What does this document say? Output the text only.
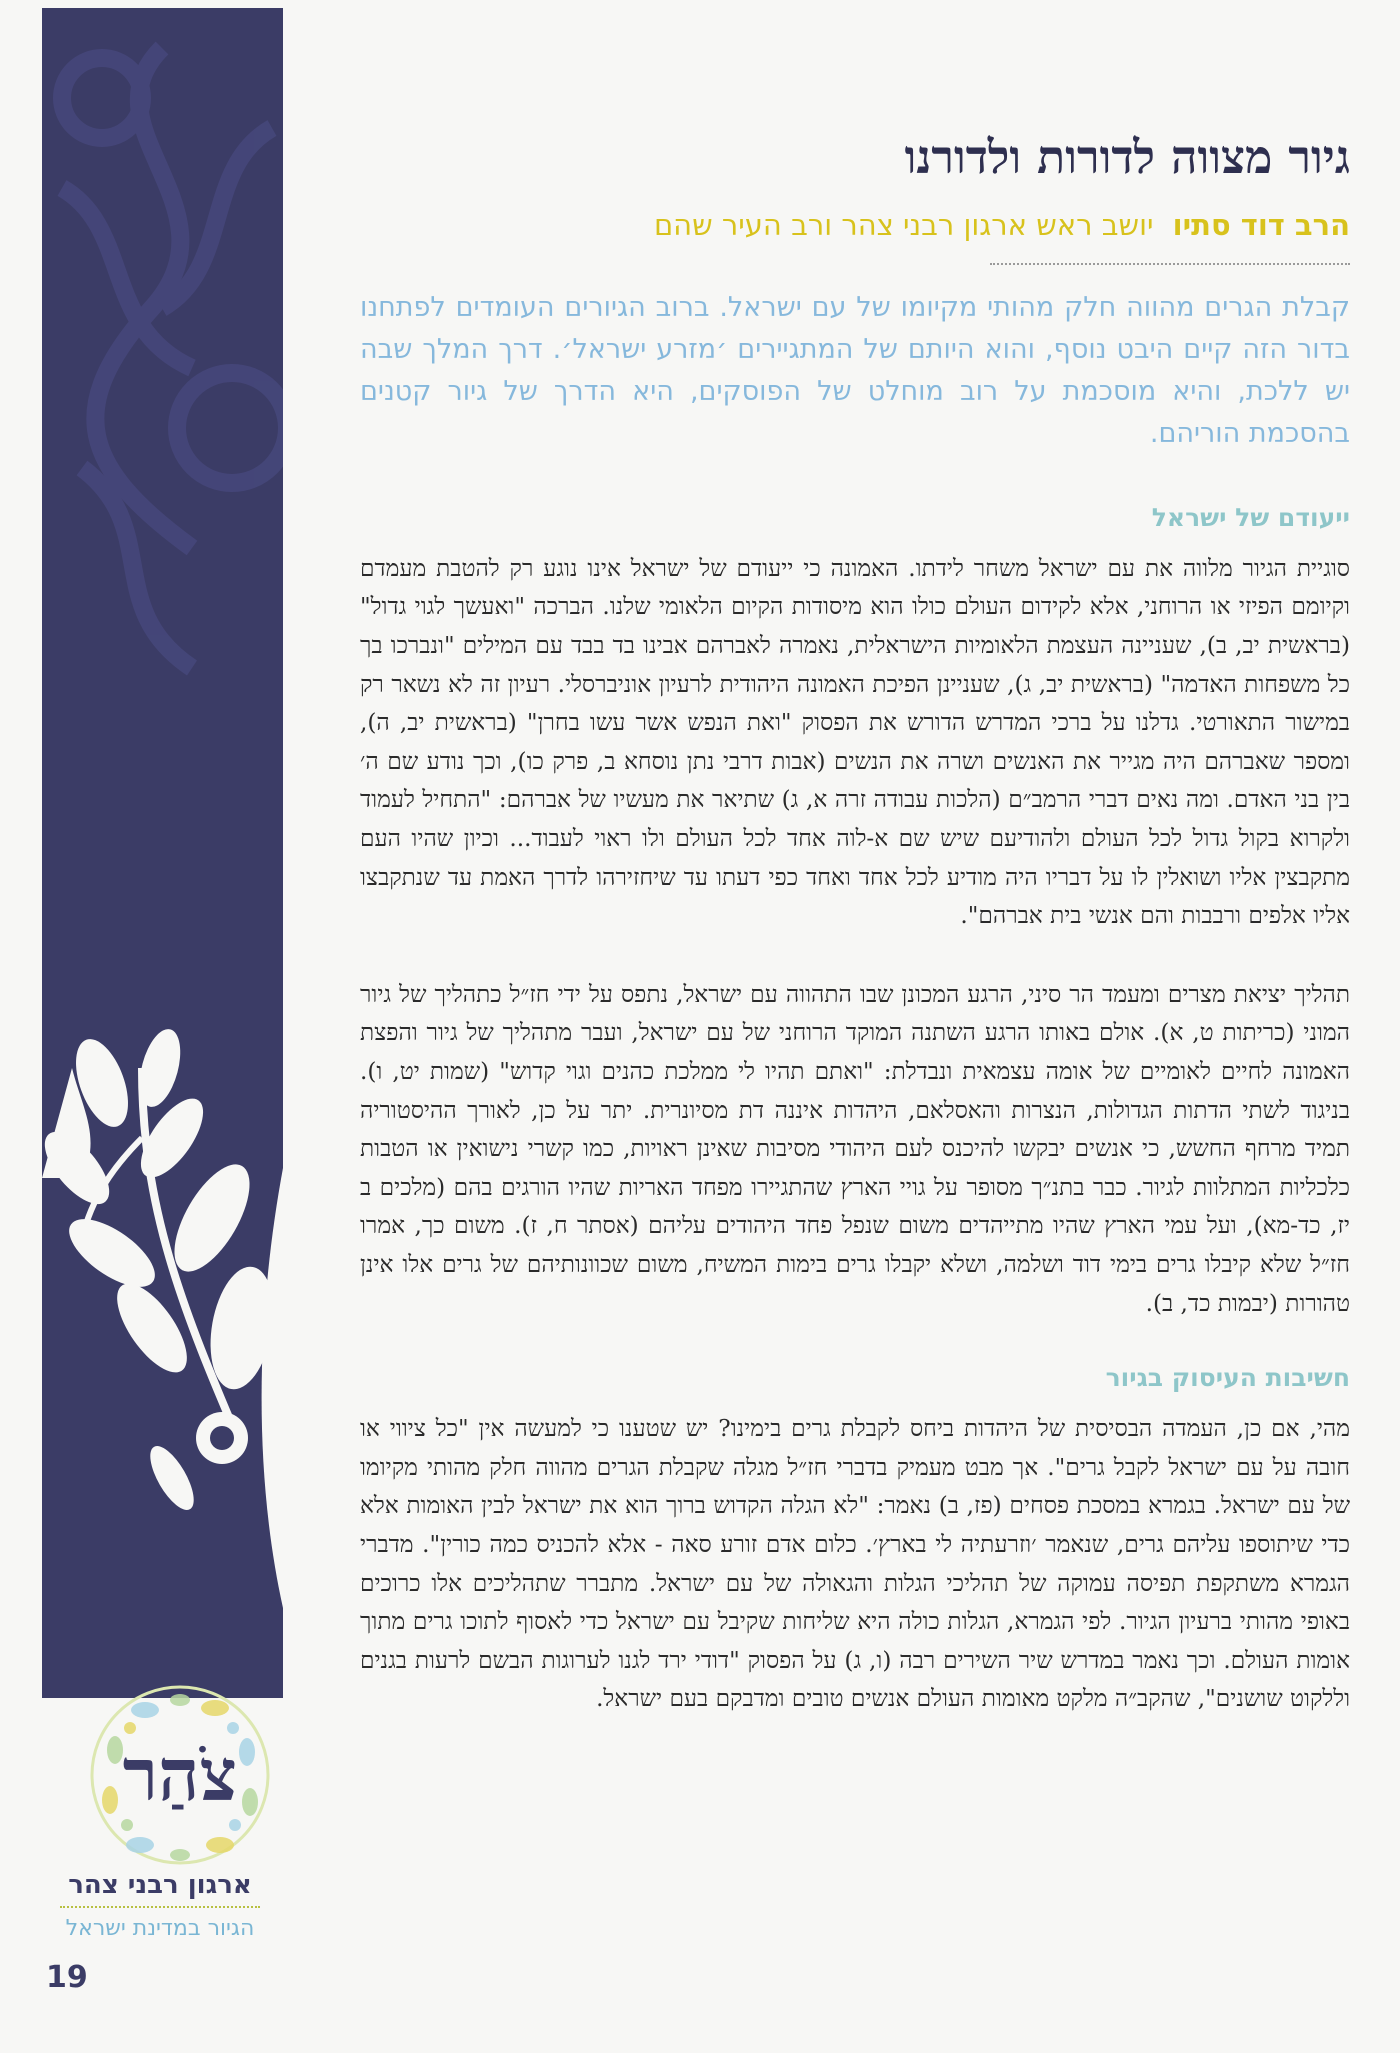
צֹהַר
ארגון רבני צהר
הגיור במדינת ישראל
19
גיור מצווה לדורות ולדורנו
הרב דוד סתיו יושב ראש ארגון רבני צהר ורב העיר שהם

קבלת הגרים מהווה חלק מהותי מקיומו של עם ישראל. ברוב הגיורים העומדים לפתחנו בדור הזה קיים היבט נוסף, והוא היותם של המתגיירים ׳מזרע ישראל׳. דרך המלך שבה יש ללכת, והיא מוסכמת על רוב מוחלט של הפוסקים, היא הדרך של גיור קטנים בהסכמת הוריהם.

ייעודם של ישראל

סוגיית הגיור מלווה את עם ישראל משחר לידתו. האמונה כי ייעודם של ישראל אינו נוגע רק להטבת מעמדם וקיומם הפיזי או הרוחני, אלא לקידום העולם כולו הוא מיסודות הקיום הלאומי שלנו. הברכה "ואעשך לגוי גדול" (בראשית יב, ב), שעניינה העצמת הלאומיות הישראלית, נאמרה לאברהם אבינו בד בבד עם המילים "ונברכו בך כל משפחות האדמה" (בראשית יב, ג), שעניינן הפיכת האמונה היהודית לרעיון אוניברסלי. רעיון זה לא נשאר רק במישור התאורטי. גדלנו על ברכי המדרש הדורש את הפסוק "ואת הנפש אשר עשו בחרן" (בראשית יב, ה), ומספר שאברהם היה מגייר את האנשים ושרה את הנשים (אבות דרבי נתן נוסחא ב, פרק כו), וכך נודע שם ה׳ בין בני האדם. ומה נאים דברי הרמב״ם (הלכות עבודה זרה א, ג) שתיאר את מעשיו של אברהם: "התחיל לעמוד ולקרוא בקול גדול לכל העולם ולהודיעם שיש שם א-לוה אחד לכל העולם ולו ראוי לעבוד... וכיון שהיו העם מתקבצין אליו ושואלין לו על דבריו היה מודיע לכל אחד ואחד כפי דעתו עד שיחזירהו לדרך האמת עד שנתקבצו אליו אלפים ורבבות והם אנשי בית אברהם".

תהליך יציאת מצרים ומעמד הר סיני, הרגע המכונן שבו התהווה עם ישראל, נתפס על ידי חז״ל כתהליך של גיור המוני (כריתות ט, א). אולם באותו הרגע השתנה המוקד הרוחני של עם ישראל, ועבר מתהליך של גיור והפצת האמונה לחיים לאומיים של אומה עצמאית ונבדלת: "ואתם תהיו לי ממלכת כהנים וגוי קדוש" (שמות יט, ו). בניגוד לשתי הדתות הגדולות, הנצרות והאסלאם, היהדות איננה דת מסיונרית. יתר על כן, לאורך ההיסטוריה תמיד מרחף החשש, כי אנשים יבקשו להיכנס לעם היהודי מסיבות שאינן ראויות, כמו קשרי נישואין או הטבות כלכליות המתלוות לגיור. כבר בתנ״ך מסופר על גויי הארץ שהתגיירו מפחד האריות שהיו הורגים בהם (מלכים ב יז, כד-מא), ועל עמי הארץ שהיו מתייהדים משום שנפל פחד היהודים עליהם (אסתר ח, ז). משום כך, אמרו חז״ל שלא קיבלו גרים בימי דוד ושלמה, ושלא יקבלו גרים בימות המשיח, משום שכוונותיהם של גרים אלו אינן טהורות (יבמות כד, ב).

חשיבות העיסוק בגיור

מהי, אם כן, העמדה הבסיסית של היהדות ביחס לקבלת גרים בימינו? יש שטענו כי למעשה אין "כל ציווי או חובה על עם ישראל לקבל גרים". אך מבט מעמיק בדברי חז״ל מגלה שקבלת הגרים מהווה חלק מהותי מקיומו של עם ישראל. בגמרא במסכת פסחים (פז, ב) נאמר: "לא הגלה הקדוש ברוך הוא את ישראל לבין האומות אלא כדי שיתוספו עליהם גרים, שנאמר ׳וזרעתיה לי בארץ׳. כלום אדם זורע סאה - אלא להכניס כמה כורין". מדברי הגמרא משתקפת תפיסה עמוקה של תהליכי הגלות והגאולה של עם ישראל. מתברר שתהליכים אלו כרוכים באופי מהותי ברעיון הגיור. לפי הגמרא, הגלות כולה היא שליחות שקיבל עם ישראל כדי לאסוף לתוכו גרים מתוך אומות העולם. וכך נאמר במדרש שיר השירים רבה (ו, ג) על הפסוק "דודי ירד לגנו לערוגות הבשם לרעות בגנים וללקוט שושנים", שהקב״ה מלקט מאומות העולם אנשים טובים ומדבקם בעם ישראל.
